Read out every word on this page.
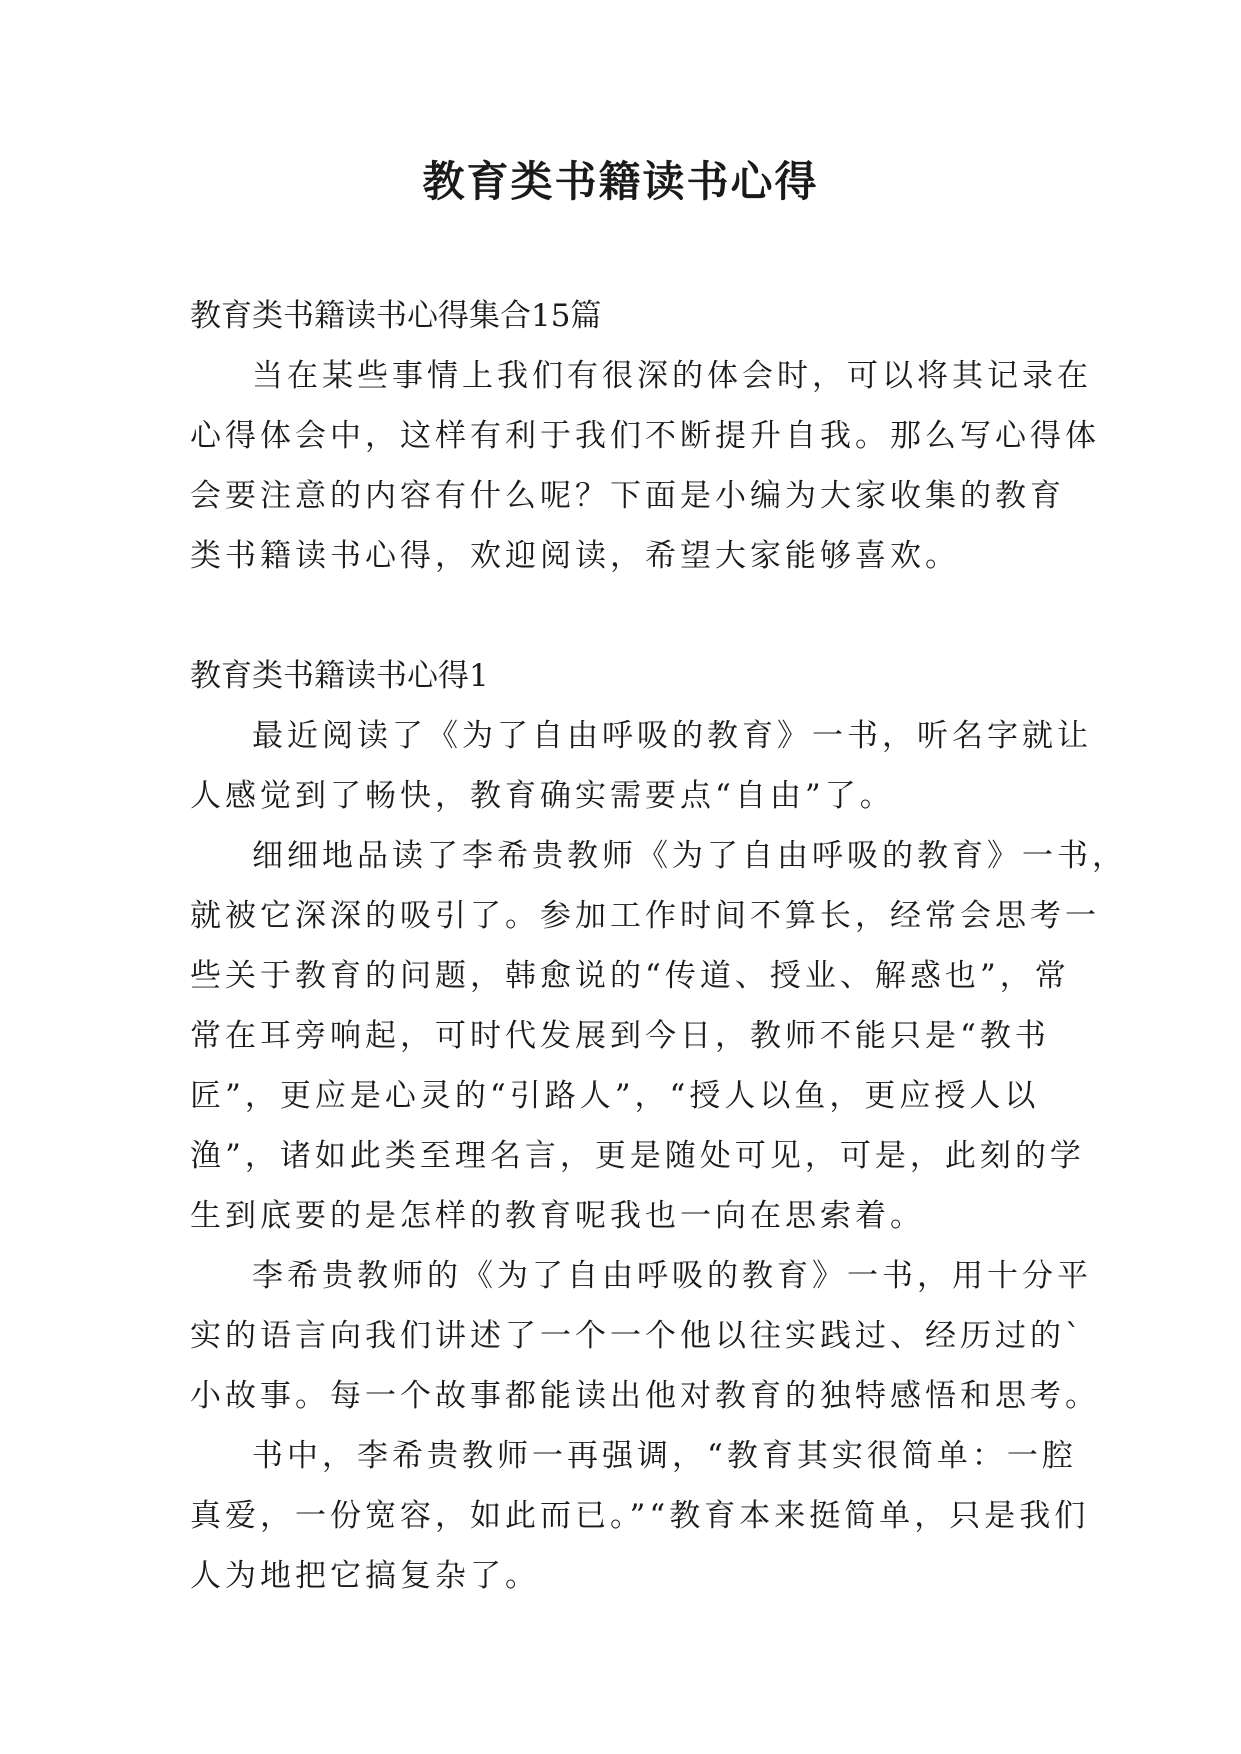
教育类书籍读书心得

教育类书籍读书心得集合15篇

当在某些事情上我们有很深的体会时，可以将其记录在
心得体会中，这样有利于我们不断提升自我。那么写心得体
会要注意的内容有什么呢？下面是小编为大家收集的教育
类书籍读书心得，欢迎阅读，希望大家能够喜欢。

教育类书籍读书心得1

最近阅读了《为了自由呼吸的教育》一书，听名字就让
人感觉到了畅快，教育确实需要点“自由”了。

细细地品读了李希贵教师《为了自由呼吸的教育》一书，
就被它深深的吸引了。参加工作时间不算长，经常会思考一
些关于教育的问题，韩愈说的“传道、授业、解惑也”，常
常在耳旁响起，可时代发展到今日，教师不能只是“教书
匠”，更应是心灵的“引路人”，“授人以鱼，更应授人以
渔”，诸如此类至理名言，更是随处可见，可是，此刻的学
生到底要的是怎样的教育呢我也一向在思索着。

李希贵教师的《为了自由呼吸的教育》一书，用十分平
实的语言向我们讲述了一个一个他以往实践过、经历过的`
小故事。每一个故事都能读出他对教育的独特感悟和思考。

书中，李希贵教师一再强调，“教育其实很简单：一腔
真爱，一份宽容，如此而已。”“教育本来挺简单，只是我们
人为地把它搞复杂了。
